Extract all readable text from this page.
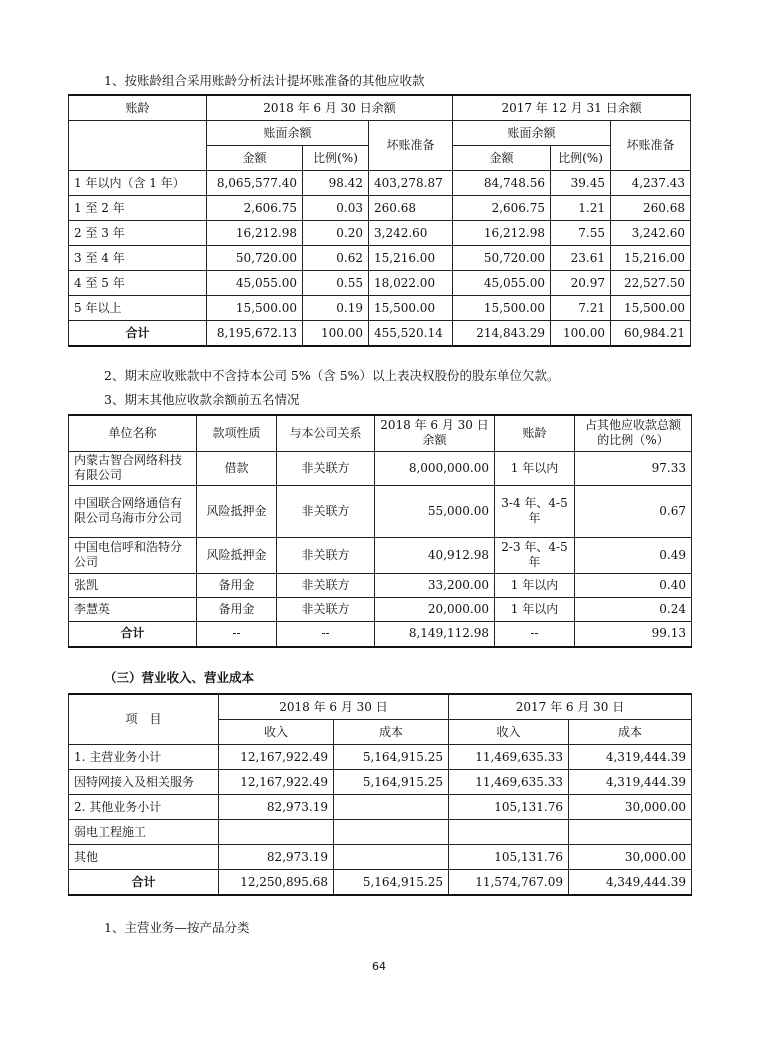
1、按账龄组合采用账龄分析法计提坏账准备的其他应收款
账龄	2018 年 6 月 30 日余额			2017 年 12 月 31 日余额		
	账面余额		坏账准备	账面余额		坏账准备
	金额	比例(%)		金额	比例(%)	
1 年以内（含 1 年）	8,065,577.40	98.42	403,278.87	84,748.56	39.45	4,237.43
1 至 2 年	2,606.75	0.03	260.68	2,606.75	1.21	260.68
2 至 3 年	16,212.98	0.20	3,242.60	16,212.98	7.55	3,242.60
3 至 4 年	50,720.00	0.62	15,216.00	50,720.00	23.61	15,216.00
4 至 5 年	45,055.00	0.55	18,022.00	45,055.00	20.97	22,527.50
5 年以上	15,500.00	0.19	15,500.00	15,500.00	7.21	15,500.00
合计	8,195,672.13	100.00	455,520.14	214,843.29	100.00	60,984.21
2、期末应收账款中不含持本公司 5%（含 5%）以上表决权股份的股东单位欠款。
3、期末其他应收款余额前五名情况
单位名称	款项性质	与本公司关系	2018 年 6 月 30 日余额	账龄	占其他应收款总额的比例（%）
内蒙古智合网络科技有限公司	借款	非关联方	8,000,000.00	1 年以内	97.33
中国联合网络通信有限公司乌海市分公司	风险抵押金	非关联方	55,000.00	3-4 年、4-5 年	0.67
中国电信呼和浩特分公司	风险抵押金	非关联方	40,912.98	2-3 年、4-5 年	0.49
张凯	备用金	非关联方	33,200.00	1 年以内	0.40
李慧英	备用金	非关联方	20,000.00	1 年以内	0.24
合计	--	--	8,149,112.98	--	99.13
（三）营业收入、营业成本
项　目	2018 年 6 月 30 日		2017 年 6 月 30 日	
	收入	成本	收入	成本
1. 主营业务小计	12,167,922.49	5,164,915.25	11,469,635.33	4,319,444.39
因特网接入及相关服务	12,167,922.49	5,164,915.25	11,469,635.33	4,319,444.39
2. 其他业务小计	82,973.19		105,131.76	30,000.00
弱电工程施工				
其他	82,973.19		105,131.76	30,000.00
合计	12,250,895.68	5,164,915.25	11,574,767.09	4,349,444.39
1、主营业务—按产品分类
64
